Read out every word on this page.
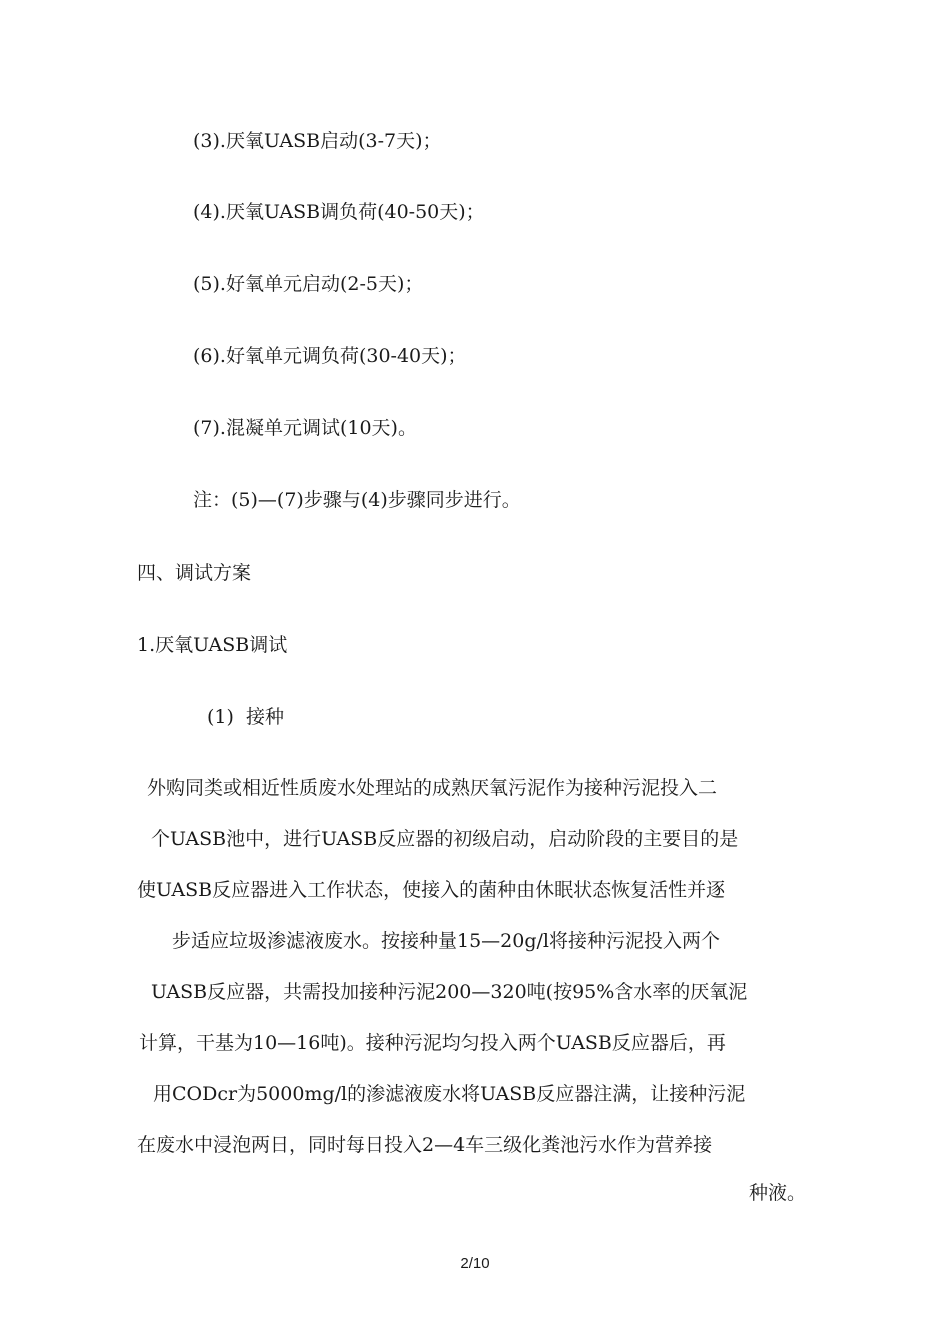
(3).厌氧UASB启动(3-7天)；
(4).厌氧UASB调负荷(40-50天)；
(5).好氧单元启动(2-5天)；
(6).好氧单元调负荷(30-40天)；
(7).混凝单元调试(10天)。
注：(5)—(7)步骤与(4)步骤同步进行。
四、调试方案
1.厌氧UASB调试
(1)  接种
外购同类或相近性质废水处理站的成熟厌氧污泥作为接种污泥投入二
个UASB池中，进行UASB反应器的初级启动，启动阶段的主要目的是
使UASB反应器进入工作状态，使接入的菌种由休眠状态恢复活性并逐
步适应垃圾渗滤液废水。按接种量15—20g/l将接种污泥投入两个
UASB反应器，共需投加接种污泥200—320吨(按95%含水率的厌氧泥
计算，干基为10—16吨)。接种污泥均匀投入两个UASB反应器后，再
用CODcr为5000mg/l的渗滤液废水将UASB反应器注满，让接种污泥
在废水中浸泡两日，同时每日投入2—4车三级化粪池污水作为营养接
种液。
2/10
